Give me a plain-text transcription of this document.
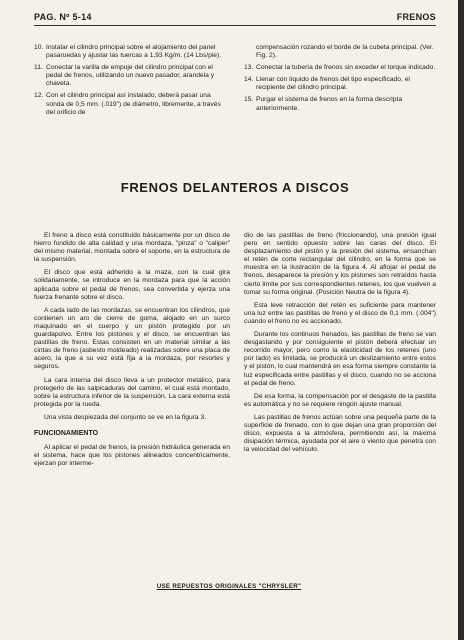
PAG. Nº 5-14	FRENOS
10. Instalar el cilindro principal sobre el alojamiento del panel pasaruedas y ajustar las tuercas a 1,93 Kg/m. (14 Lbs/pie).
11. Conectar la varilla de empuje del cilindro principal con el pedal de frenos, utilizando un nuevo pasador, arandela y chaveta.
12. Con el cilindro principal así instalado, deberá pasar una sonda de 0,5 mm. (.019") de diámetro, libremente, a través del orificio de
compensación rozando el borde de la cubeta principal. (Ver. Fig. 2).
13. Conectar la tubería de frenos sin exceder el torque indicado.
14. Llenar con líquido de frenos del tipo especificado, el recipiente del cilindro principal.
15. Purgar el sistema de frenos en la forma descripta anteriormente.
FRENOS DELANTEROS A DISCOS

El freno a disco está constituido básicamente por un disco de hierro fundido de alta calidad y una mordaza, "pinza" o "caliper" del mismo material, montada sobre el soporte, en la estructura de la suspensión.

El disco que está adherido a la maza, con la cual gira solidariamente, se introduce en la mordaza para que la acción aplicada sobre el pedal de frenos, sea convertida y ejerza una fuerza frenante sobre el disco.

A cada lado de las mordazas, se encuentran los cilindros, que contienen un aro de cierre de goma, alojado en un surco maquinado en el cuerpo y un pistón protegido por un guardapolvo. Entre los pistones y el disco, se encuentran las pastillas de freno. Estas consisten en un material similar a las cintas de freno (asbesto moldeado) realizadas sobre una placa de acero, la que a su vez está fija a la mordaza, por resortes y seguros.

La cara interna del disco lleva a un protector metálico, para protegerlo de las salpicaduras del camino, el cual está montado, sobre la estructura inferior de la suspensión. La cara externa está protegida por la rueda.

Una vista despiezada del conjunto se ve en la figura 3.

FUNCIONAMIENTO

Al aplicar el pedal de frenos, la presión hidráulica generada en el sistema, hace que los pistones alineados concentricamente, ejerzan por interme-

dio de las pastillas de freno (friccionando), una presión igual pero en sentido opuesto sobre las caras del disco. El desplazamiento del pistón y la presión del sistema, ensanchan el retén de corte rectangular del cilindro, en la forma que se muestra en la ilustración de la figura 4. Al aflojar el pedal de frenos, desaparece la presión y los pistones son retraídos hasta cierto límite por sus correspondientes retenes, los que vuelven a tomar su forma original. (Posición Neutra de la figura 4).

Esta leve retracción del retén es suficiente para mantener una luz entre las pastillas de freno y el disco de 0,1 mm. (.004") cuando el freno no es accionado.

Durante los continuos frenados, las pastillas de freno se van desgastando y por consiguiente el pistón deberá efectuar un recorrido mayor, pero como la elasticidad de los retenes (uno por lado) es limitada, se producirá un deslizamiento entre estos y el pistón, lo cual mantendrá en esa forma siempre constante la luz especificada entre pastillas y el disco, cuando no se acciona el pedal de freno.

De esa forma, la compensación por el desgaste de la pastilla es automática y no se requiere ningún ajuste manual.

Las pastillas de frenos actúan sobre una pequeña parte de la superficie de frenado, con lo que dejan una gran proporción del disco, expuesta a la atmósfera, permitiendo así, la máxima disipación térmica, ayudada por el aire o viento que penetra con la velocidad del vehículo.

USE REPUESTOS ORIGINALES "CHRYSLER"
